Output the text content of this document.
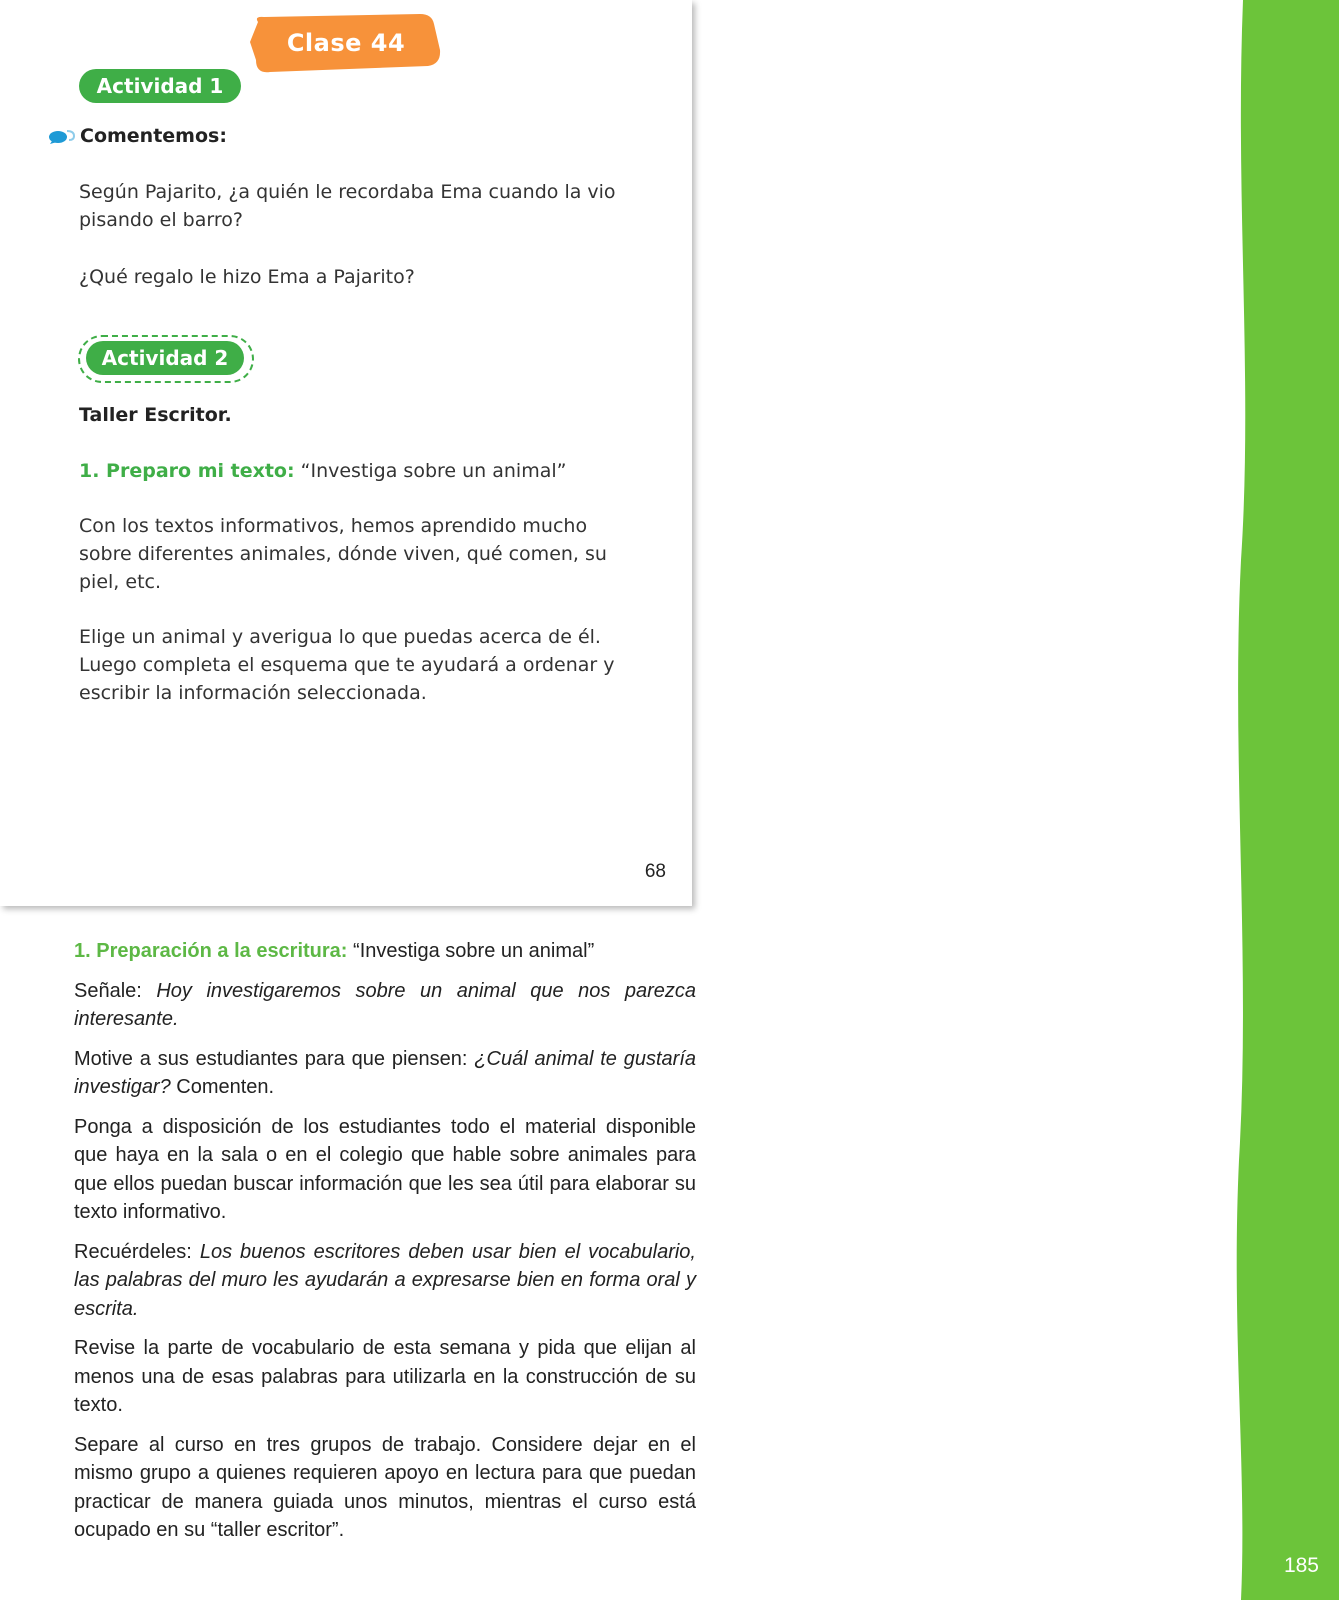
185
Clase 44
Actividad 1
Comentemos:
Según Pajarito, ¿a quién le recordaba Ema cuando la vio pisando el barro?
¿Qué regalo le hizo Ema a Pajarito?
Actividad 2
Taller Escritor.
1. Preparo mi texto: “Investiga sobre un animal”
Con los textos informativos, hemos aprendido mucho sobre diferentes animales, dónde viven, qué comen, su piel, etc.
Elige un animal y averigua lo que puedas acerca de él. Luego completa el esquema que te ayudará a ordenar y escribir la información seleccionada.
68

1. Preparación a la escritura: “Investiga sobre un animal”

Señale: Hoy investigaremos sobre un animal que nos parezca interesante.

Motive a sus estudiantes para que piensen: ¿Cuál animal te gustaría investigar? Comenten.

Ponga a disposición de los estudiantes todo el material disponible que haya en la sala o en el colegio que hable sobre animales para que ellos puedan buscar información que les sea útil para elaborar su texto informativo.

Recuérdeles: Los buenos escritores deben usar bien el vocabulario, las palabras del muro les ayudarán a expresarse bien en forma oral y escrita.

Revise la parte de vocabulario de esta semana y pida que elijan al menos una de esas palabras para utilizarla en la construcción de su texto.

Separe al curso en tres grupos de trabajo. Considere dejar en el mismo grupo a quienes requieren apoyo en lectura para que puedan practicar de manera guiada unos minutos, mientras el curso está ocupado en su “taller escritor”.
